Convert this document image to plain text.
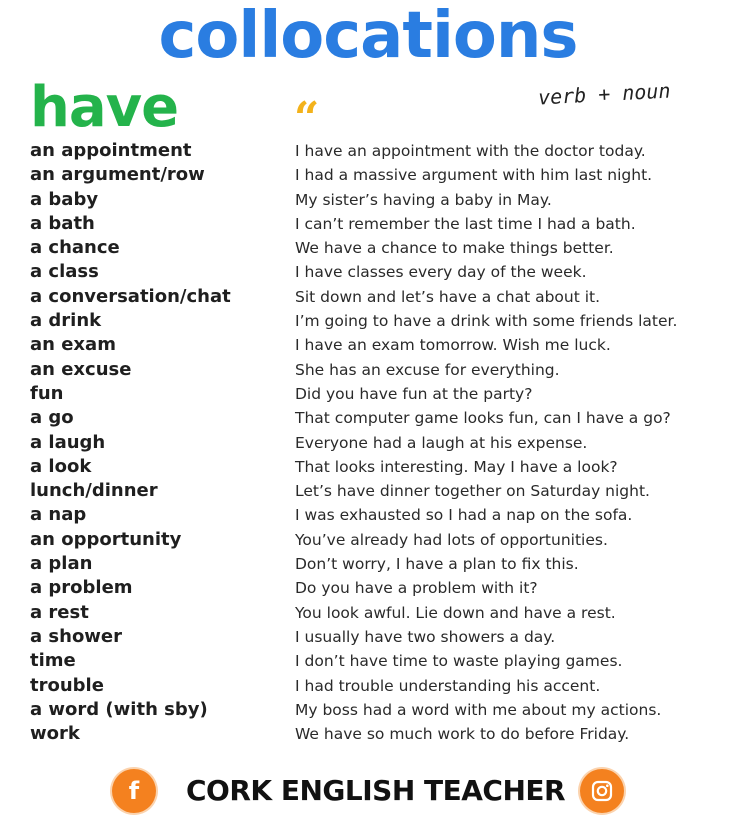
collocations
have	verb + noun
“
an appointment	I have an appointment with the doctor today.
an argument/row	I had a massive argument with him last night.
a baby	My sister’s having a baby in May.
a bath	I can’t remember the last time I had a bath.
a chance	We have a chance to make things better.
a class	I have classes every day of the week.
a conversation/chat	Sit down and let’s have a chat about it.
a drink	I’m going to have a drink with some friends later.
an exam	I have an exam tomorrow. Wish me luck.
an excuse	She has an excuse for everything.
fun	Did you have fun at the party?
a go	That computer game looks fun, can I have a go?
a laugh	Everyone had a laugh at his expense.
a look	That looks interesting. May I have a look?
lunch/dinner	Let’s have dinner together on Saturday night.
a nap	I was exhausted so I had a nap on the sofa.
an opportunity	You’ve already had lots of opportunities.
a plan	Don’t worry, I have a plan to fix this.
a problem	Do you have a problem with it?
a rest	You look awful. Lie down and have a rest.
a shower	I usually have two showers a day.
time	I don’t have time to waste playing games.
trouble	I had trouble understanding his accent.
a word (with sby)	My boss had a word with me about my actions.
work	We have so much work to do before Friday.
f CORK ENGLISH TEACHER
